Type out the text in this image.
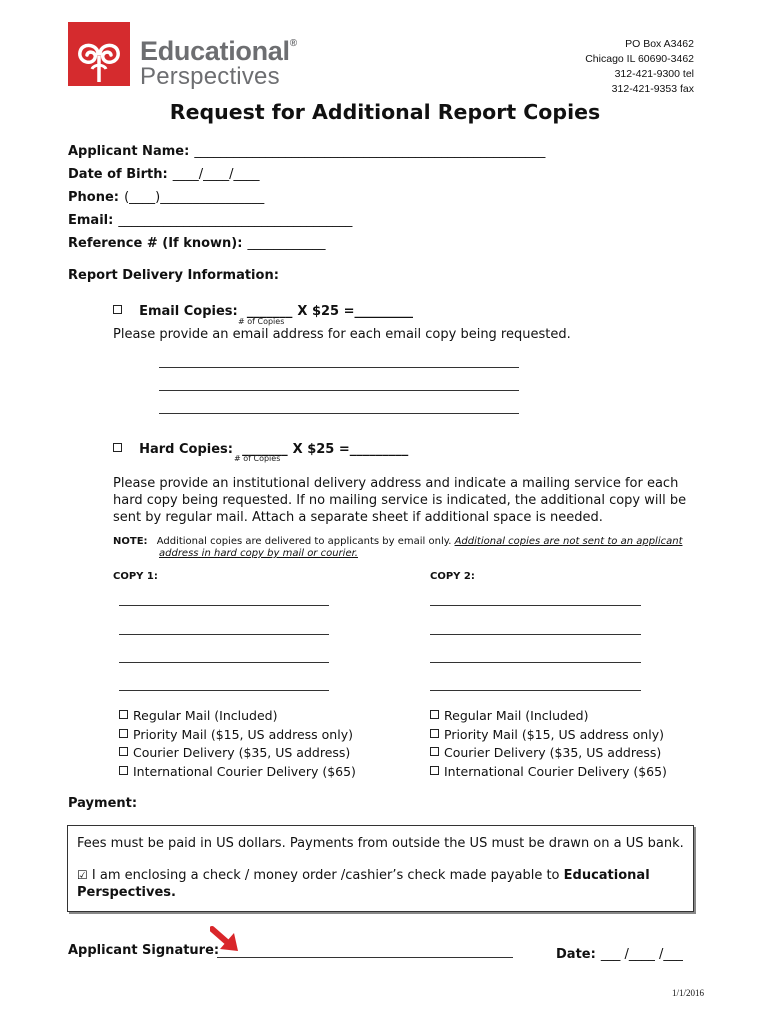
Educational®
Perspectives
PO Box A3462
Chicago IL 60690-3462
312-421-9300 tel
312-421-9353 fax
Request for Additional Report Copies
Applicant Name: ______________________________________________________
Date of Birth: ____/____/____
Phone: (____)________________
Email: ____________________________________
Reference # (If known): ____________
Report Delivery Information:
Email Copies: _______ X $25 =_________
# of Copies
Please provide an email address for each email copy being requested.
Hard Copies: _______ X $25 =_________
# of Copies
Please provide an institutional delivery address and indicate a mailing service for each hard copy being requested. If no mailing service is indicated, the additional copy will be sent by regular mail. Attach a separate sheet if additional space is needed.
NOTE: Additional copies are delivered to applicants by email only. Additional copies are not sent to an applicant
address in hard copy by mail or courier.
COPY 1:	COPY 2:
Regular Mail (Included)
Priority Mail ($15, US address only)
Courier Delivery ($35, US address)
International Courier Delivery ($65)
Regular Mail (Included)
Priority Mail ($15, US address only)
Courier Delivery ($35, US address)
International Courier Delivery ($65)
Payment:
Fees must be paid in US dollars. Payments from outside the US must be drawn on a US bank.
☑ I am enclosing a check / money order /cashier’s check made payable to Educational Perspectives.
Applicant Signature:	Date: ___ /____ /___
1/1/2016
